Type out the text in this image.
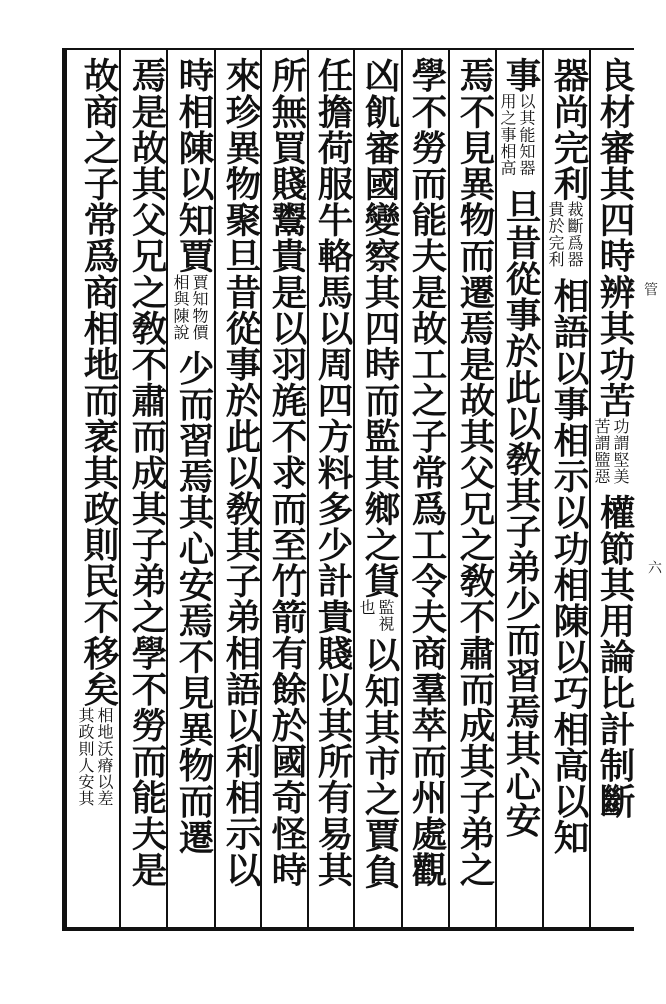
良材審其四時辨其功苦功謂堅美苦謂盬惡權節其用論比計制斷
器尚完利裁斷爲器貴於完利相語以事相示以功相陳以巧相高以知
事以其能知器用之事相高旦昔從事於此以敎其子弟少而習焉其心安
焉不見異物而遷焉是故其父兄之敎不肅而成其子弟之
學不勞而能夫是故工之子常爲工令夫商羣萃而州處觀
凶飢審國變察其四時而監其鄉之貨監視也以知其市之賈負
任擔荷服牛輅馬以周四方料多少計貴賤以其所有易其
所無買賤鬻貴是以羽旄不求而至竹箭有餘於國奇怪時
來珍異物聚旦昔從事於此以敎其子弟相語以利相示以
時相陳以知賈賈知物價相與陳說少而習焉其心安焉不見異物而遷
焉是故其父兄之敎不肅而成其子弟之學不勞而能夫是
故商之子常爲商相地而衺其政則民不移矣相地沃瘠以差其政則人安其
管
六
